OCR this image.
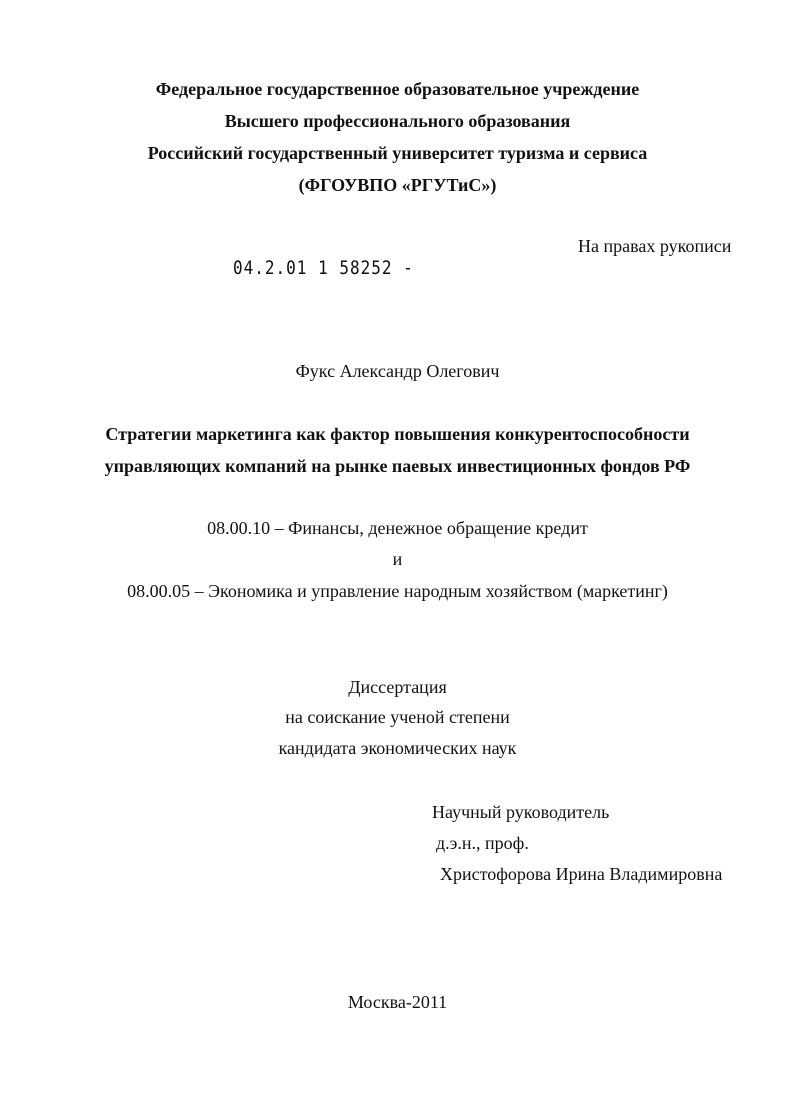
Федеральное государственное образовательное учреждение
Высшего профессионального образования
Российский государственный университет туризма и сервиса
(ФГОУВПО «РГУТиС»)
На правах рукописи
04.2.01 1 58252 -
Фукс Александр Олегович
Стратегии маркетинга как фактор повышения конкурентоспособности
управляющих компаний на рынке паевых инвестиционных фондов РФ
08.00.10 – Финансы, денежное обращение кредит
и
08.00.05 – Экономика и управление народным хозяйством (маркетинг)
Диссертация
на соискание ученой степени
кандидата экономических наук
Научный руководитель
д.э.н., проф.
Христофорова Ирина Владимировна
Москва-2011
